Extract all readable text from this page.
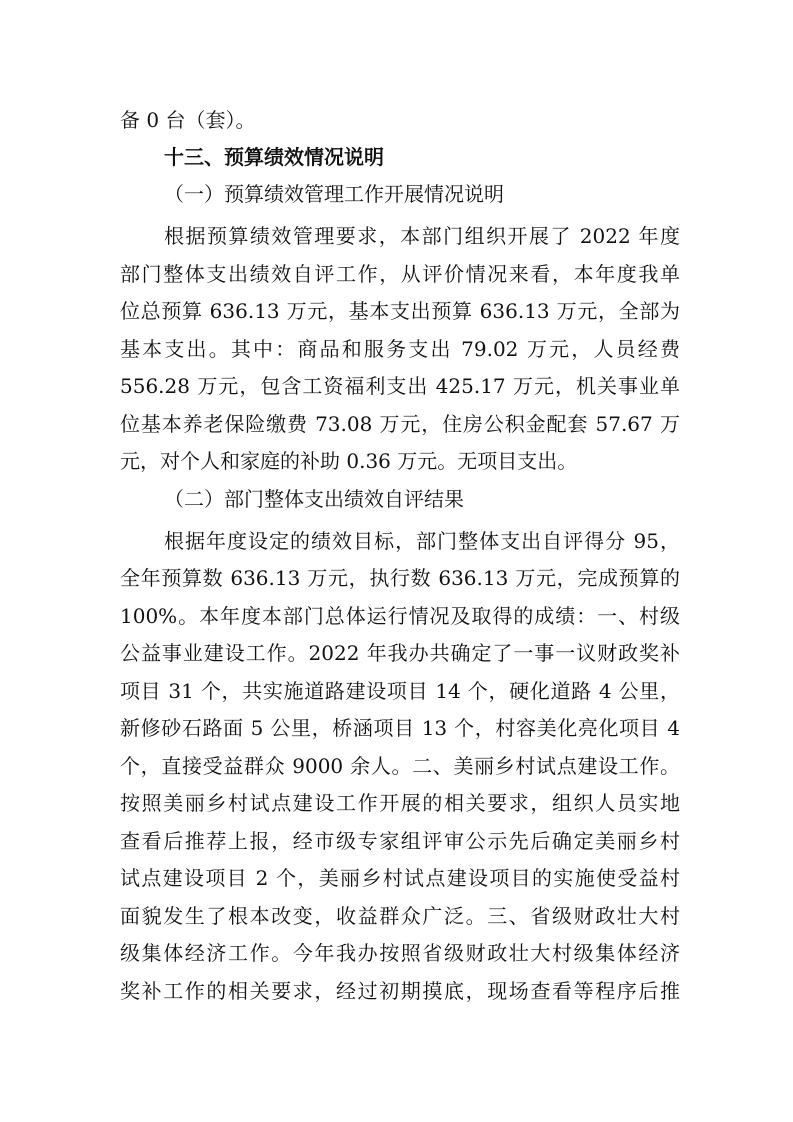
备 0 台（套）。
十三、预算绩效情况说明
（一）预算绩效管理工作开展情况说明
根据预算绩效管理要求，本部门组织开展了 2022 年度
部门整体支出绩效自评工作，从评价情况来看，本年度我单
位总预算 636.13 万元，基本支出预算 636.13 万元，全部为
基本支出。其中：商品和服务支出 79.02 万元，人员经费
556.28 万元，包含工资福利支出 425.17 万元，机关事业单
位基本养老保险缴费 73.08 万元，住房公积金配套 57.67 万
元，对个人和家庭的补助 0.36 万元。无项目支出。
（二）部门整体支出绩效自评结果
根据年度设定的绩效目标，部门整体支出自评得分 95，
全年预算数 636.13 万元，执行数 636.13 万元，完成预算的
100%。本年度本部门总体运行情况及取得的成绩：一、村级
公益事业建设工作。2022 年我办共确定了一事一议财政奖补
项目 31 个，共实施道路建设项目 14 个，硬化道路 4 公里，
新修砂石路面 5 公里，桥涵项目 13 个，村容美化亮化项目 4
个，直接受益群众 9000 余人。二、美丽乡村试点建设工作。
按照美丽乡村试点建设工作开展的相关要求，组织人员实地
查看后推荐上报，经市级专家组评审公示先后确定美丽乡村
试点建设项目 2 个，美丽乡村试点建设项目的实施使受益村
面貌发生了根本改变，收益群众广泛。三、省级财政壮大村
级集体经济工作。今年我办按照省级财政壮大村级集体经济
奖补工作的相关要求，经过初期摸底，现场查看等程序后推
